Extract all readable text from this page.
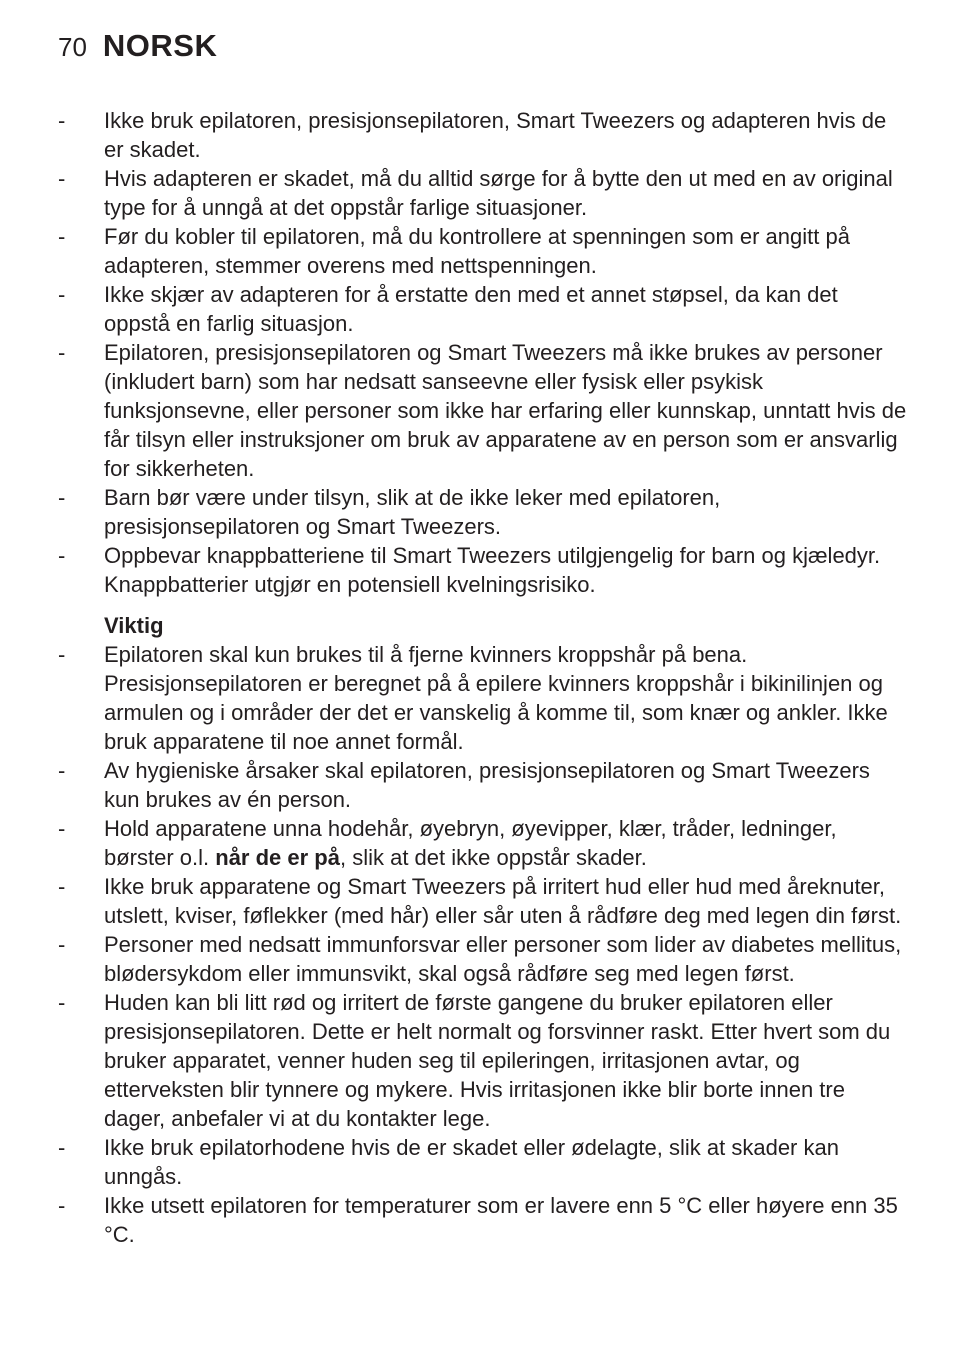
70 NORSK
-	Ikke bruk epilatoren, presisjonsepilatoren, Smart Tweezers og adapteren hvis de er skadet.
-	Hvis adapteren er skadet, må du alltid sørge for å bytte den ut med en av original type for å unngå at det oppstår farlige situasjoner.
-	Før du kobler til epilatoren, må du kontrollere at spenningen som er angitt på adapteren, stemmer overens med nettspenningen.
-	Ikke skjær av adapteren for å erstatte den med et annet støpsel, da kan det oppstå en farlig situasjon.
-	Epilatoren, presisjonsepilatoren og Smart Tweezers må ikke brukes av personer (inkludert barn) som har nedsatt sanseevne eller fysisk eller psykisk funksjonsevne, eller personer som ikke har erfaring eller kunnskap, unntatt hvis de får tilsyn eller instruksjoner om bruk av apparatene av en person som er ansvarlig for sikkerheten.
-	Barn bør være under tilsyn, slik at de ikke leker med epilatoren, presisjonsepilatoren og Smart Tweezers.
-	Oppbevar knappbatteriene til Smart Tweezers utilgjengelig for barn og kjæledyr. Knappbatterier utgjør en potensiell kvelningsrisiko.
Viktig
-	Epilatoren skal kun brukes til å fjerne kvinners kroppshår på bena. Presisjonsepilatoren er beregnet på å epilere kvinners kroppshår i bikinilinjen og armulen og i områder der det er vanskelig å komme til, som knær og ankler. Ikke bruk apparatene til noe annet formål.
-	Av hygieniske årsaker skal epilatoren, presisjonsepilatoren og Smart Tweezers kun brukes av én person.
-	Hold apparatene unna hodehår, øyebryn, øyevipper, klær, tråder, ledninger, børster o.l. når de er på, slik at det ikke oppstår skader.
-	Ikke bruk apparatene og Smart Tweezers på irritert hud eller hud med åreknuter, utslett, kviser, føflekker (med hår) eller sår uten å rådføre deg med legen din først.
-	Personer med nedsatt immunforsvar eller personer som lider av diabetes mellitus, blødersykdom eller immunsvikt, skal også rådføre seg med legen først.
-	Huden kan bli litt rød og irritert de første gangene du bruker epilatoren eller presisjonsepilatoren. Dette er helt normalt og forsvinner raskt. Etter hvert som du bruker apparatet, venner huden seg til epileringen, irritasjonen avtar, og etterveksten blir tynnere og mykere. Hvis irritasjonen ikke blir borte innen tre dager, anbefaler vi at du kontakter lege.
-	Ikke bruk epilatorhodene hvis de er skadet eller ødelagte, slik at skader kan unngås.
-	Ikke utsett epilatoren for temperaturer som er lavere enn 5 °C eller høyere enn 35 °C.
